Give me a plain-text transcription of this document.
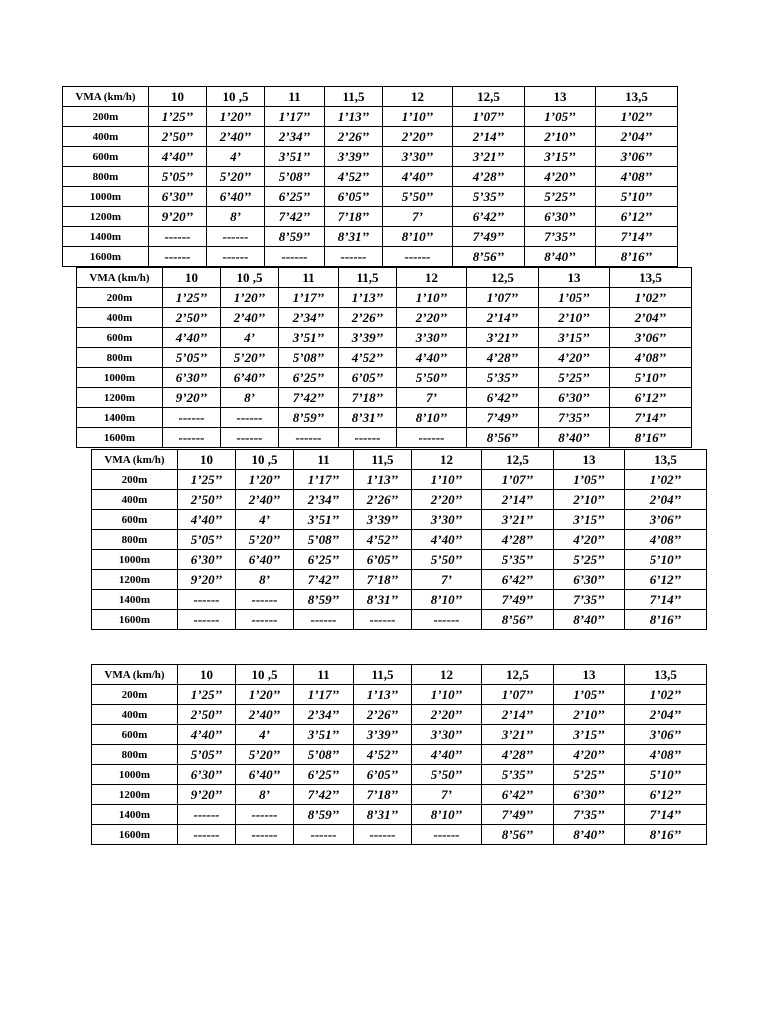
VMA (km/h)	10	10 ,5	11	11,5	12	12,5	13	13,5
200m	1’25’’	1’20’’	1’17’’	1’13’’	1’10’’	1’07’’	1’05’’	1’02’’
400m	2’50’’	2’40’’	2’34’’	2’26’’	2’20’’	2’14’’	2’10’’	2’04’’
600m	4’40’’	4’	3’51’’	3’39’’	3’30’’	3’21’’	3’15’’	3’06’’
800m	5’05’’	5’20’’	5’08’’	4’52’’	4’40’’	4’28’’	4’20’’	4’08’’
1000m	6’30’’	6’40’’	6’25’’	6’05’’	5’50’’	5’35’’	5’25’’	5’10’’
1200m	9’20’’	8’	7’42’’	7’18’’	7’	6’42’’	6’30’’	6’12’’
1400m	------	------	8’59’’	8’31’’	8’10’’	7’49’’	7’35’’	7’14’’
1600m	------	------	------	------	------	8’56’’	8’40’’	8’16’’
VMA (km/h)	10	10 ,5	11	11,5	12	12,5	13	13,5
200m	1’25’’	1’20’’	1’17’’	1’13’’	1’10’’	1’07’’	1’05’’	1’02’’
400m	2’50’’	2’40’’	2’34’’	2’26’’	2’20’’	2’14’’	2’10’’	2’04’’
600m	4’40’’	4’	3’51’’	3’39’’	3’30’’	3’21’’	3’15’’	3’06’’
800m	5’05’’	5’20’’	5’08’’	4’52’’	4’40’’	4’28’’	4’20’’	4’08’’
1000m	6’30’’	6’40’’	6’25’’	6’05’’	5’50’’	5’35’’	5’25’’	5’10’’
1200m	9’20’’	8’	7’42’’	7’18’’	7’	6’42’’	6’30’’	6’12’’
1400m	------	------	8’59’’	8’31’’	8’10’’	7’49’’	7’35’’	7’14’’
1600m	------	------	------	------	------	8’56’’	8’40’’	8’16’’
VMA (km/h)	10	10 ,5	11	11,5	12	12,5	13	13,5
200m	1’25’’	1’20’’	1’17’’	1’13’’	1’10’’	1’07’’	1’05’’	1’02’’
400m	2’50’’	2’40’’	2’34’’	2’26’’	2’20’’	2’14’’	2’10’’	2’04’’
600m	4’40’’	4’	3’51’’	3’39’’	3’30’’	3’21’’	3’15’’	3’06’’
800m	5’05’’	5’20’’	5’08’’	4’52’’	4’40’’	4’28’’	4’20’’	4’08’’
1000m	6’30’’	6’40’’	6’25’’	6’05’’	5’50’’	5’35’’	5’25’’	5’10’’
1200m	9’20’’	8’	7’42’’	7’18’’	7’	6’42’’	6’30’’	6’12’’
1400m	------	------	8’59’’	8’31’’	8’10’’	7’49’’	7’35’’	7’14’’
1600m	------	------	------	------	------	8’56’’	8’40’’	8’16’’
VMA (km/h)	10	10 ,5	11	11,5	12	12,5	13	13,5
200m	1’25’’	1’20’’	1’17’’	1’13’’	1’10’’	1’07’’	1’05’’	1’02’’
400m	2’50’’	2’40’’	2’34’’	2’26’’	2’20’’	2’14’’	2’10’’	2’04’’
600m	4’40’’	4’	3’51’’	3’39’’	3’30’’	3’21’’	3’15’’	3’06’’
800m	5’05’’	5’20’’	5’08’’	4’52’’	4’40’’	4’28’’	4’20’’	4’08’’
1000m	6’30’’	6’40’’	6’25’’	6’05’’	5’50’’	5’35’’	5’25’’	5’10’’
1200m	9’20’’	8’	7’42’’	7’18’’	7’	6’42’’	6’30’’	6’12’’
1400m	------	------	8’59’’	8’31’’	8’10’’	7’49’’	7’35’’	7’14’’
1600m	------	------	------	------	------	8’56’’	8’40’’	8’16’’
